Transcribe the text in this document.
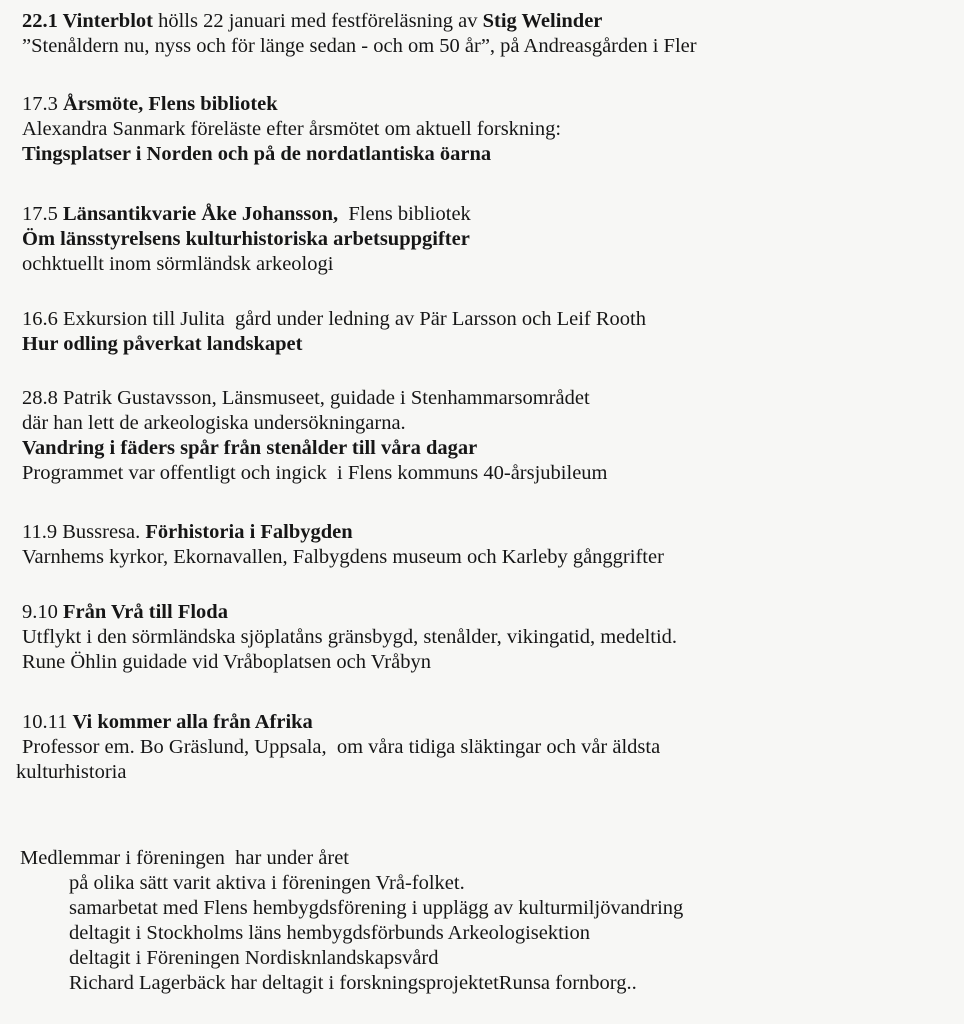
22.1 Vinterblot hölls 22 januari med festföreläsning av Stig Welinder
”Stenåldern nu, nyss och för länge sedan - och om 50 år”, på Andreasgården i Fler
17.3 Årsmöte, Flens bibliotek
Alexandra Sanmark föreläste efter årsmötet om aktuell forskning:
Tingsplatser i Norden och på de nordatlantiska öarna
17.5 Länsantikvarie Åke Johansson,  Flens bibliotek
Öm länsstyrelsens kulturhistoriska arbetsuppgifter
ochktuellt inom sörmländsk arkeologi
16.6 Exkursion till Julita  gård under ledning av Pär Larsson och Leif Rooth
Hur odling påverkat landskapet
28.8 Patrik Gustavsson, Länsmuseet, guidade i Stenhammarsområdet
där han lett de arkeologiska undersökningarna.
Vandring i fäders spår från stenålder till våra dagar
Programmet var offentligt och ingick  i Flens kommuns 40-årsjubileum
11.9 Bussresa. Förhistoria i Falbygden
Varnhems kyrkor, Ekornavallen, Falbygdens museum och Karleby gånggrifter
9.10 Från Vrå till Floda
Utflykt i den sörmländska sjöplatåns gränsbygd, stenålder, vikingatid, medeltid.
Rune Öhlin guidade vid Vråboplatsen och Vråbyn
10.11 Vi kommer alla från Afrika
Professor em. Bo Gräslund, Uppsala,  om våra tidiga släktingar och vår äldsta
kulturhistoria
Medlemmar i föreningen  har under året
på olika sätt varit aktiva i föreningen Vrå-folket.
samarbetat med Flens hembygdsförening i upplägg av kulturmiljövandring
deltagit i Stockholms läns hembygdsförbunds Arkeologisektion
deltagit i Föreningen Nordisknlandskapsvård
Richard Lagerbäck har deltagit i forskningsprojektetRunsa fornborg..
